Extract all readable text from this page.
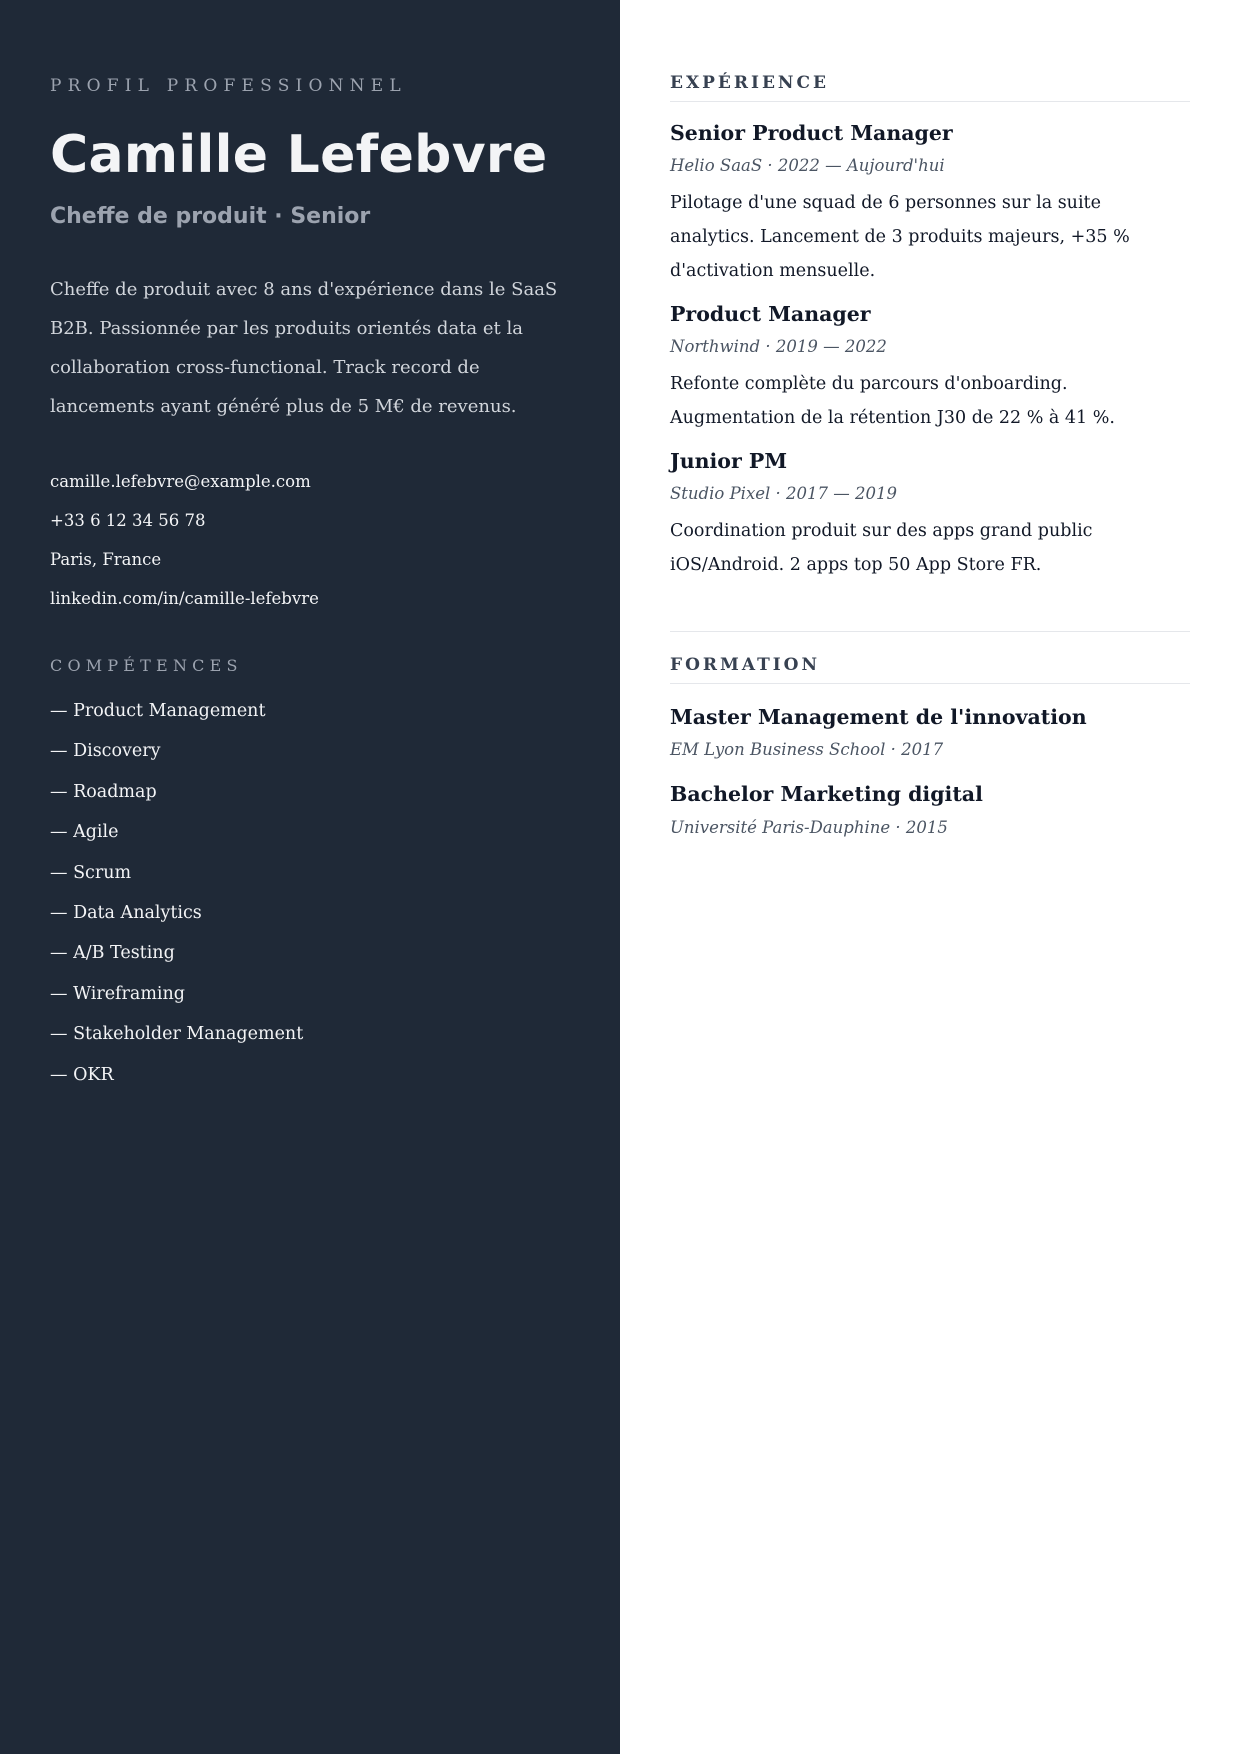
PROFIL PROFESSIONNEL
Camille Lefebvre
Cheffe de produit · Senior
Cheffe de produit avec 8 ans d'expérience dans le SaaS B2B. Passionnée par les produits orientés data et la collaboration cross-functional. Track record de lancements ayant généré plus de 5 M€ de revenus.
camille.lefebvre@example.com
+33 6 12 34 56 78
Paris, France
linkedin.com/in/camille-lefebvre
COMPÉTENCES
— Product Management
— Discovery
— Roadmap
— Agile
— Scrum
— Data Analytics
— A/B Testing
— Wireframing
— Stakeholder Management
— OKR
EXPÉRIENCE
Senior Product Manager
Helio SaaS · 2022 — Aujourd'hui
Pilotage d'une squad de 6 personnes sur la suite analytics. Lancement de 3 produits majeurs, +35 % d'activation mensuelle.
Product Manager
Northwind · 2019 — 2022
Refonte complète du parcours d'onboarding. Augmentation de la rétention J30 de 22 % à 41 %.
Junior PM
Studio Pixel · 2017 — 2019
Coordination produit sur des apps grand public iOS/Android. 2 apps top 50 App Store FR.
FORMATION
Master Management de l'innovation
EM Lyon Business School · 2017
Bachelor Marketing digital
Université Paris-Dauphine · 2015
